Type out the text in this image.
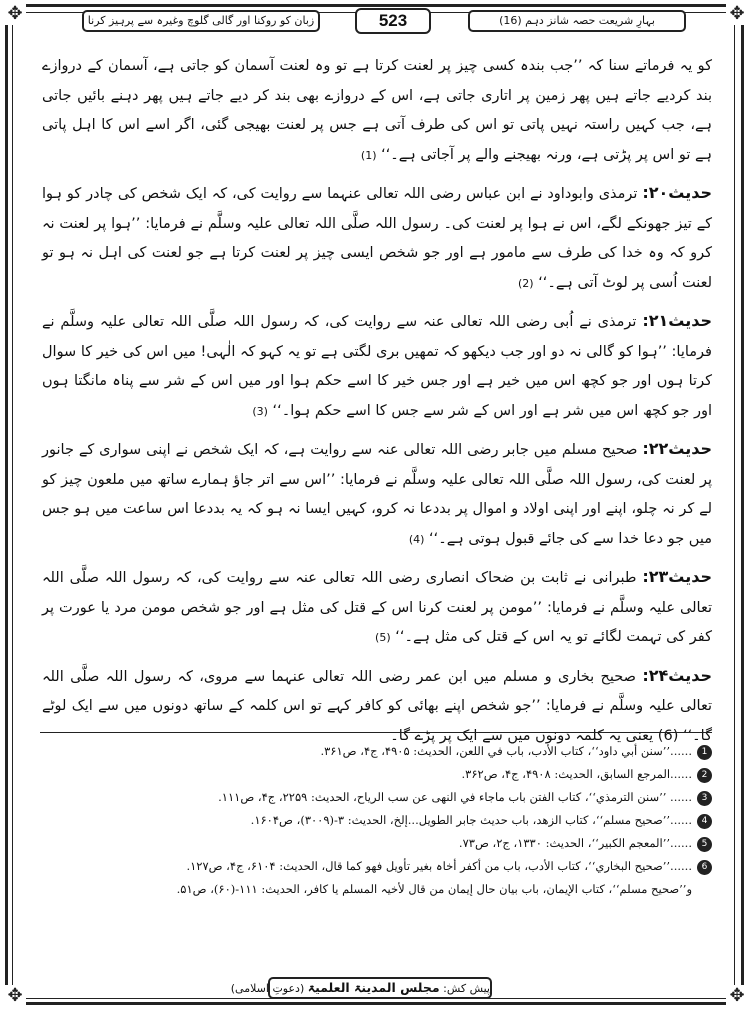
✥	✥
✥	✥
زبان کو روکنا اور گالی گلوچ وغیرہ سے پرہیز کرنا	523	بہارِ شریعت حصہ شانز دہم (16)

کو یہ فرماتے سنا کہ ’’جب بندہ کسی چیز پر لعنت کرتا ہے تو وہ لعنت آسمان کو جاتی ہے، آسمان کے دروازے بند کردیے جاتے ہیں پھر زمین پر اتاری جاتی ہے، اس کے دروازے بھی بند کر دیے جاتے ہیں پھر دہنے بائیں جاتی ہے، جب کہیں راستہ نہیں پاتی تو اس کی طرف آتی ہے جس پر لعنت بھیجی گئی، اگر اسے اس کا اہل پاتی ہے تو اس پر پڑتی ہے، ورنہ بھیجنے والے پر آجاتی ہے۔‘‘ (1)

حدیث۲۰: ترمذی وابوداود نے ابن عباس رضی اللہ تعالی عنہما سے روایت کی، کہ ایک شخص کی چادر کو ہوا کے تیز جھونکے لگے، اس نے ہوا پر لعنت کی۔ رسول اللہ صلَّی اللہ تعالی علیہ وسلَّم نے فرمایا: ’’ہوا پر لعنت نہ کرو کہ وہ خدا کی طرف سے مامور ہے اور جو شخص ایسی چیز پر لعنت کرتا ہے جو لعنت کی اہل نہ ہو تو لعنت اُسی پر لوٹ آتی ہے۔‘‘ (2)

حدیث۲۱: ترمذی نے اُبی رضی اللہ تعالی عنہ سے روایت کی، کہ رسول اللہ صلَّی اللہ تعالی علیہ وسلَّم نے فرمایا: ’’ہوا کو گالی نہ دو اور جب دیکھو کہ تمھیں بری لگتی ہے تو یہ کہو کہ الٰہی! میں اس کی خیر کا سوال کرتا ہوں اور جو کچھ اس میں خیر ہے اور جس خیر کا اسے حکم ہوا اور میں اس کے شر سے پناہ مانگتا ہوں اور جو کچھ اس میں شر ہے اور اس کے شر سے جس کا اسے حکم ہوا۔‘‘ (3)

حدیث۲۲: صحیح مسلم میں جابر رضی اللہ تعالی عنہ سے روایت ہے، کہ ایک شخص نے اپنی سواری کے جانور پر لعنت کی، رسول اللہ صلَّی اللہ تعالی علیہ وسلَّم نے فرمایا: ’’اس سے اتر جاؤ ہمارے ساتھ میں ملعون چیز کو لے کر نہ چلو، اپنے اور اپنی اولاد و اموال پر بددعا نہ کرو، کہیں ایسا نہ ہو کہ یہ بددعا اس ساعت میں ہو جس میں جو دعا خدا سے کی جائے قبول ہوتی ہے۔‘‘ (4)

حدیث۲۳: طبرانی نے ثابت بن ضحاک انصاری رضی اللہ تعالی عنہ سے روایت کی، کہ رسول اللہ صلَّی اللہ تعالی علیہ وسلَّم نے فرمایا: ’’مومن پر لعنت کرنا اس کے قتل کی مثل ہے اور جو شخص مومن مرد یا عورت پر کفر کی تہمت لگائے تو یہ اس کے قتل کی مثل ہے۔‘‘ (5)

حدیث۲۴: صحیح بخاری و مسلم میں ابن عمر رضی اللہ تعالی عنہما سے مروی، کہ رسول اللہ صلَّی اللہ تعالی علیہ وسلَّم نے فرمایا: ’’جو شخص اپنے بھائی کو کافر کہے تو اس کلمہ کے ساتھ دونوں میں سے ایک لوٹے گا۔‘‘ (6) یعنی یہ کلمہ دونوں میں سے ایک پر پڑے گا۔

1......’’سنن أبي داود‘‘، کتاب الأدب، باب في اللعن، الحدیث: ۴۹۰۵، ج۴، ص۳۶۱.
2......المرجع السابق، الحدیث: ۴۹۰۸، ج۴، ص۳۶۲.
3...... ’’سنن الترمذي‘‘، کتاب الفتن باب ماجاء في النھی عن سب الریاح، الحدیث: ۲۲۵۹، ج۴، ص۱۱۱.
4......’’صحیح مسلم‘‘، کتاب الزھد، باب حدیث جابر الطویل...إلخ، الحدیث: ۳-(۳۰۰۹)، ص۱۶۰۴.
5......’’المعجم الکبیر‘‘، الحدیث: ۱۳۳۰، ج۲، ص۷۳.
6......’’صحیح البخاري‘‘، کتاب الأدب، باب من أکفر أخاہ بغیر تأویل فھو کما قال، الحدیث: ۶۱۰۴، ج۴، ص۱۲۷.
و’’صحیح مسلم‘‘، کتاب الإیمان، باب بیان حال إیمان من قال لأخیہ المسلم یا کافر، الحدیث: ۱۱۱-(۶۰)، ص۵۱.
پیش کش: مجلس المدینۃ العلمیۃ (دعوتِ اسلامی)
